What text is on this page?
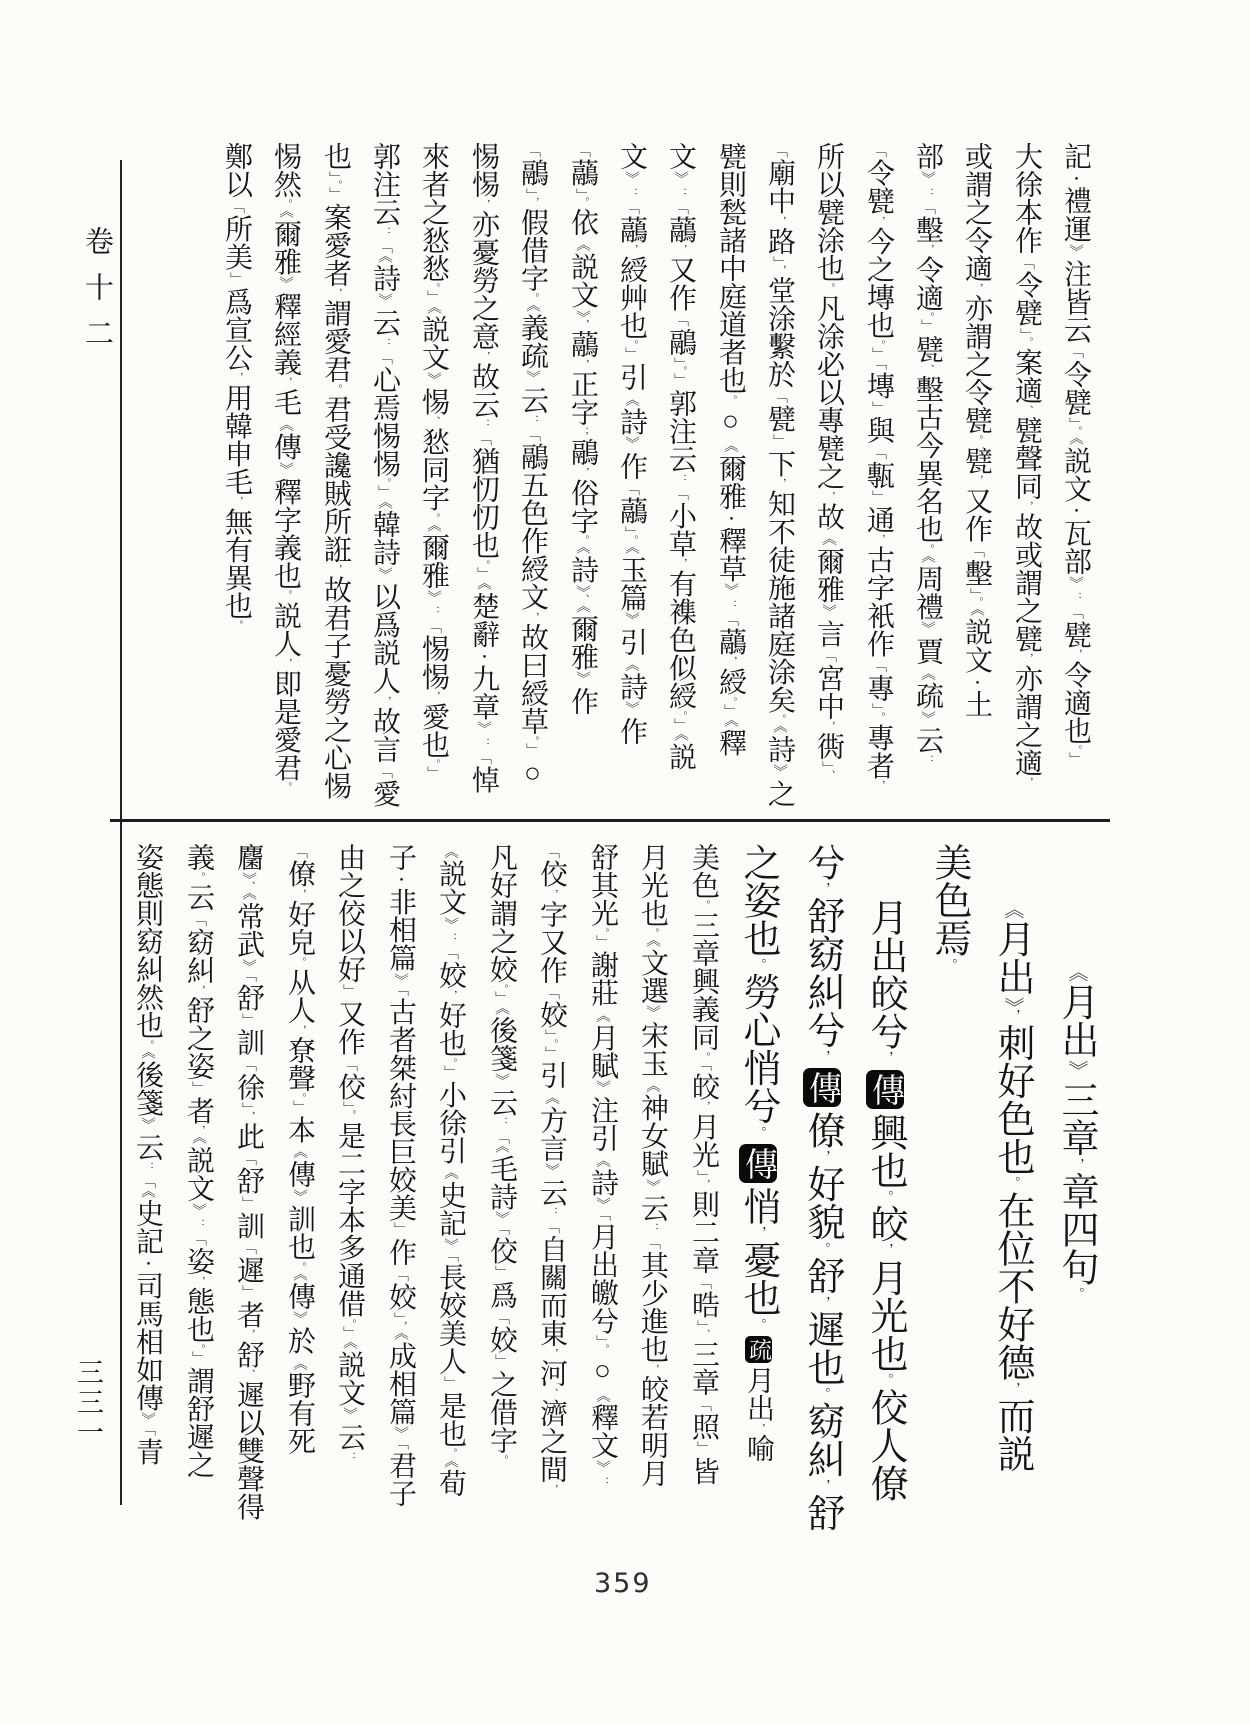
卷十二
記・禮運》注皆云「令甓」。《説文・瓦部》：「甓，令適也。」
大徐本作「令甓」。案適、甓聲同，故或謂之甓，亦謂之適，
或謂之令適，亦謂之令甓。甓，又作「墼」。《説文・土
部》：「墼，令適。」甓、墼古今異名也。《周禮》賈《疏》云：
「令甓，今之塼也。」「塼」與「甎」通，古字衹作「專」。專者，
所以甓涂也。凡涂必以專甓之，故《爾雅》言「宮中，衖」、
「廟中，路」，堂涂繫於「甓」下，知不徒施諸庭涂矣。《詩》之
甓則甃諸中庭道者也。○《爾雅・釋草》：「虉，綬。」《釋
文》：「虉，又作「鷊」。」郭注云：「小草，有襍色似綬。」《説
文》：「虉，綬艸也。」引《詩》作「虉」。《玉篇》引《詩》作
「虉」。依《説文》，虉，正字；鷊，俗字。《詩》、《爾雅》作
「鷊」，假借字。《義疏》云：「鷊五色作綬文，故曰綬草。」○
惕惕，亦憂勞之意，故云：「猶忉忉也。」《楚辭・九章》：「悼
來者之悐悐。」《説文》惕、悐同字。《爾雅》：「惕惕，愛也。」
郭注云：「《詩》云：「心焉惕惕。」《韓詩》以爲説人，故言「愛
也」。」案愛者，謂愛君。君受讒賊所誑，故君子憂勞之心惕
惕然。《爾雅》釋經義，毛《傳》釋字義也。説人，即是愛君。
鄭以「所美」爲宣公，用韓申毛，無有異也。
《月出》三章，章四句。
《月出》，刺好色也。在位不好德，而説
美色焉。
月出皎兮，傳興也。皎，月光也。佼人僚
兮，舒窈糾兮，傳僚，好貌。舒，遲也。窈糾，舒
之姿也。勞心悄兮。傳悄，憂也。疏月出，喻
美色。三章興義同。「皎，月光」，則二章「晧」、三章「照」皆
月光也。《文選》宋玉《神女賦》云：「其少進也，皎若明月
舒其光。」謝莊《月賦》注引《詩》「月出皦兮」。○《釋文》：
「佼，字又作「姣」。」引《方言》云：「自關而東，河、濟之間，
凡好謂之姣。」《後箋》云：「《毛詩》「佼」爲「姣」之借字。
《説文》：「姣，好也。」小徐引《史記》「長姣美人」是也。《荀
子・非相篇》「古者桀紂長巨姣美」作「姣」，《成相篇》「君子
由之佼以好」又作「佼」。是二字本多通借。」《説文》云：
「僚，好皃。从人，尞聲。」本《傳》訓也。《傳》於《野有死
麕》、《常武》「舒」訓「徐」，此「舒」訓「遲」者，舒、遲以雙聲得
義。云「窈糾，舒之姿」者，《説文》：「姿，態也。」謂舒遲之
姿態則窈糾然也。《後箋》云：「《史記・司馬相如傳》「青
三三一
359
